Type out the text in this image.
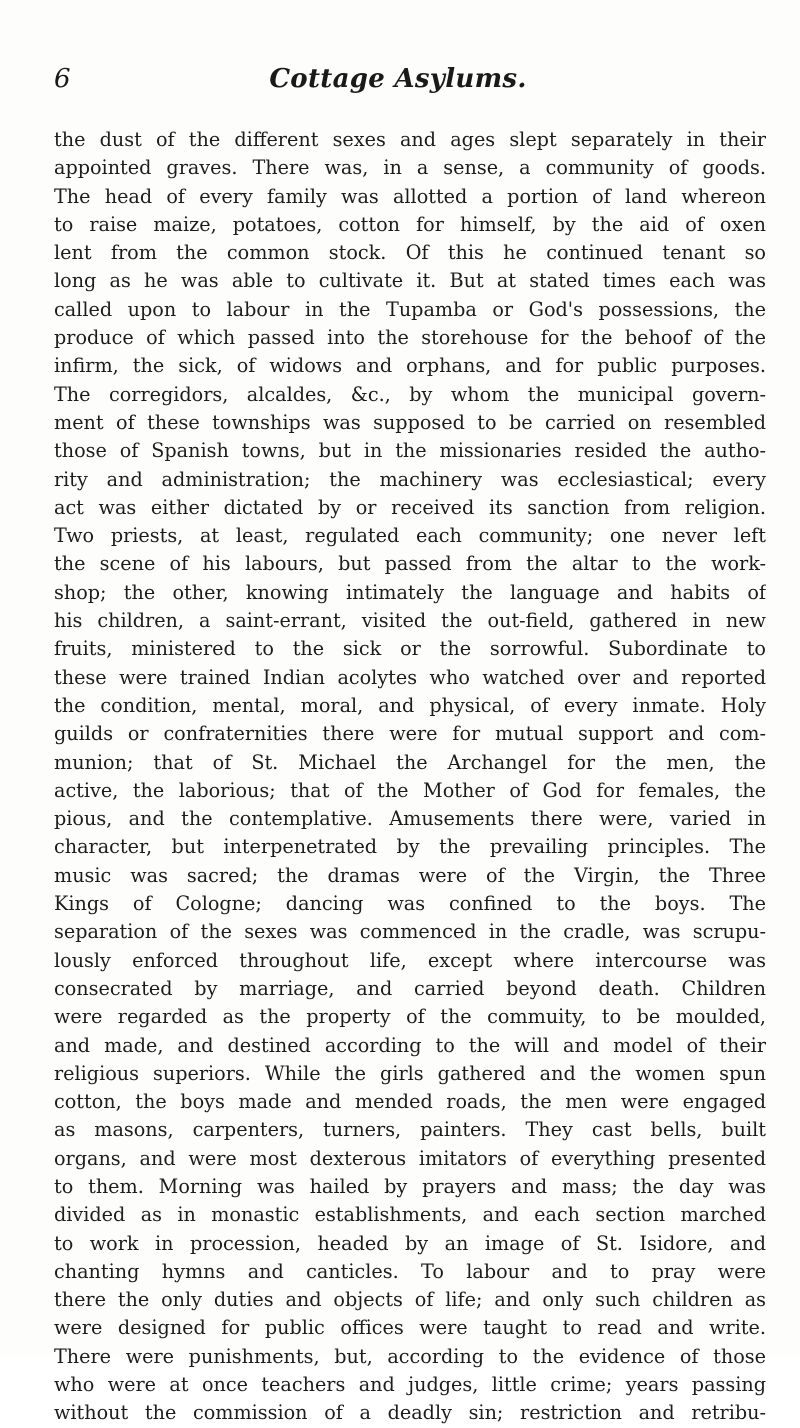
6	Cottage Asylums.
the dust of the different sexes and ages slept separately in their
appointed graves. There was, in a sense, a community of goods.
The head of every family was allotted a portion of land whereon
to raise maize, potatoes, cotton for himself, by the aid of oxen
lent from the common stock. Of this he continued tenant so
long as he was able to cultivate it. But at stated times each was
called upon to labour in the Tupamba or God's possessions, the
produce of which passed into the storehouse for the behoof of the
infirm, the sick, of widows and orphans, and for public purposes.
The corregidors, alcaldes, &c., by whom the municipal govern-
ment of these townships was supposed to be carried on resembled
those of Spanish towns, but in the missionaries resided the autho-
rity and administration; the machinery was ecclesiastical; every
act was either dictated by or received its sanction from religion.
Two priests, at least, regulated each community; one never left
the scene of his labours, but passed from the altar to the work-
shop; the other, knowing intimately the language and habits of
his children, a saint-errant, visited the out-field, gathered in new
fruits, ministered to the sick or the sorrowful. Subordinate to
these were trained Indian acolytes who watched over and reported
the condition, mental, moral, and physical, of every inmate. Holy
guilds or confraternities there were for mutual support and com-
munion; that of St. Michael the Archangel for the men, the
active, the laborious; that of the Mother of God for females, the
pious, and the contemplative. Amusements there were, varied in
character, but interpenetrated by the prevailing principles. The
music was sacred; the dramas were of the Virgin, the Three
Kings of Cologne; dancing was confined to the boys. The
separation of the sexes was commenced in the cradle, was scrupu-
lously enforced throughout life, except where intercourse was
consecrated by marriage, and carried beyond death. Children
were regarded as the property of the commuity, to be moulded,
and made, and destined according to the will and model of their
religious superiors. While the girls gathered and the women spun
cotton, the boys made and mended roads, the men were engaged
as masons, carpenters, turners, painters. They cast bells, built
organs, and were most dexterous imitators of everything presented
to them. Morning was hailed by prayers and mass; the day was
divided as in monastic establishments, and each section marched
to work in procession, headed by an image of St. Isidore, and
chanting hymns and canticles. To labour and to pray were
there the only duties and objects of life; and only such children as
were designed for public offices were taught to read and write.
There were punishments, but, according to the evidence of those
who were at once teachers and judges, little crime; years passing
without the commission of a deadly sin; restriction and retribu-
